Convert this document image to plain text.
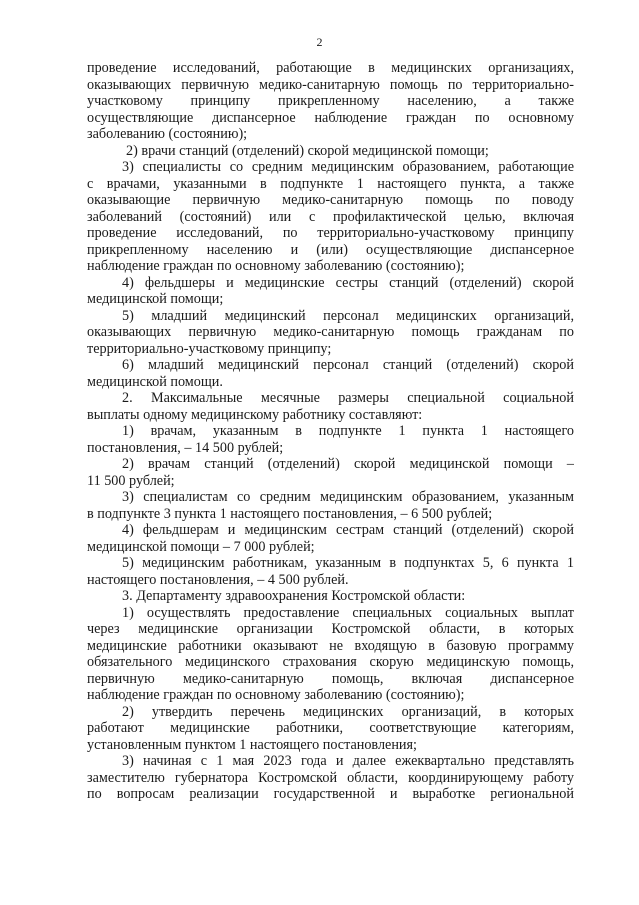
2
проведение исследований, работающие в медицинских организациях,
оказывающих первичную медико-санитарную помощь по территориально-
участковому принципу прикрепленному населению, а также
осуществляющие диспансерное наблюдение граждан по основному
заболеванию (состоянию);
2) врачи станций (отделений) скорой медицинской помощи;
3) специалисты со средним медицинским образованием, работающие
с врачами, указанными в подпункте 1 настоящего пункта, а также
оказывающие первичную медико-санитарную помощь по поводу
заболеваний (состояний) или с профилактической целью, включая
проведение исследований, по территориально-участковому принципу
прикрепленному населению и (или) осуществляющие диспансерное
наблюдение граждан по основному заболеванию (состоянию);
4) фельдшеры и медицинские сестры станций (отделений) скорой
медицинской помощи;
5) младший медицинский персонал медицинских организаций,
оказывающих первичную медико-санитарную помощь гражданам по
территориально-участковому принципу;
6) младший медицинский персонал станций (отделений) скорой
медицинской помощи.
2. Максимальные месячные размеры специальной социальной
выплаты одному медицинскому работнику составляют:
1) врачам, указанным в подпункте 1 пункта 1 настоящего
постановления, – 14 500 рублей;
2) врачам станций (отделений) скорой медицинской помощи –
11 500 рублей;
3) специалистам со средним медицинским образованием, указанным
в подпункте 3 пункта 1 настоящего постановления, – 6 500 рублей;
4) фельдшерам и медицинским сестрам станций (отделений) скорой
медицинской помощи – 7 000 рублей;
5) медицинским работникам, указанным в подпунктах 5, 6 пункта 1
настоящего постановления, – 4 500 рублей.
3. Департаменту здравоохранения Костромской области:
1) осуществлять предоставление специальных социальных выплат
через медицинские организации Костромской области, в которых
медицинские работники оказывают не входящую в базовую программу
обязательного медицинского страхования скорую медицинскую помощь,
первичную медико-санитарную помощь, включая диспансерное
наблюдение граждан по основному заболеванию (состоянию);
2) утвердить перечень медицинских организаций, в которых
работают медицинские работники, соответствующие категориям,
установленным пунктом 1 настоящего постановления;
3) начиная с 1 мая 2023 года и далее ежеквартально представлять
заместителю губернатора Костромской области, координирующему работу
по вопросам реализации государственной и выработке региональной
